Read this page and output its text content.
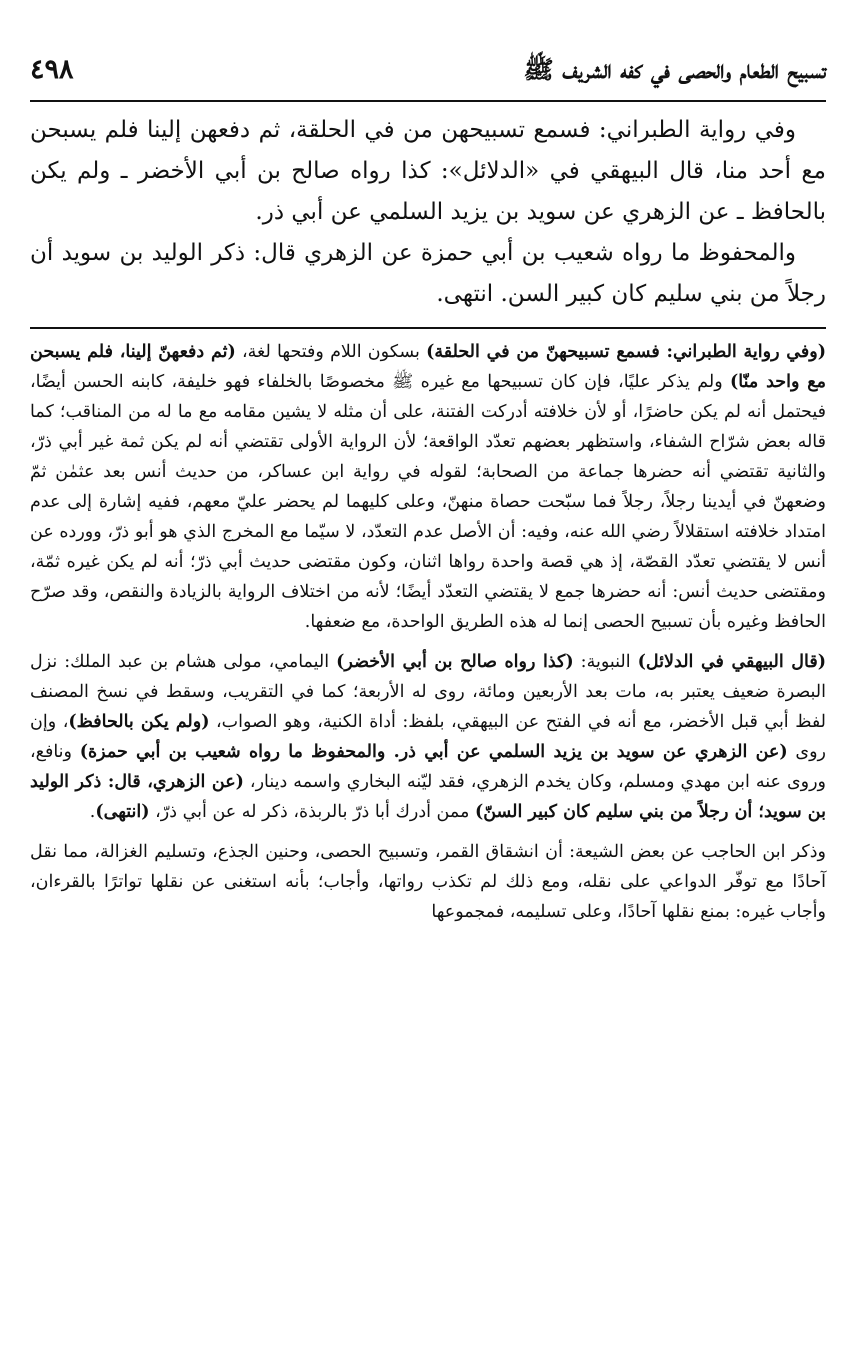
تسبيح الطعام والحصى في كفه الشريف ﷺ
٤٩٨

وفي رواية الطبراني: فسمع تسبيحهن من في الحلقة، ثم دفعهن إلينا فلم يسبحن مع أحد منا، قال البيهقي في «الدلائل»: كذا رواه صالح بن أبي الأخضر ـ ولم يكن بالحافظ ـ عن الزهري عن سويد بن يزيد السلمي عن أبي ذر.

والمحفوظ ما رواه شعيب بن أبي حمزة عن الزهري قال: ذكر الوليد بن سويد أن رجلاً من بني سليم كان كبير السن. انتهى.

(وفي رواية الطبراني: فسمع تسبيحهنّ من في الحلقة) بسكون اللام وفتحها لغة، (ثم دفعهنّ إلينا، فلم يسبحن مع واحد منّا) ولم يذكر عليًا، فإن كان تسبيحها مع غيره ﷺ مخصوصًا بالخلفاء فهو خليفة، كابنه الحسن أيضًا، فيحتمل أنه لم يكن حاضرًا، أو لأن خلافته أدركت الفتنة، على أن مثله لا يشين مقامه مع ما له من المناقب؛ كما قاله بعض شرّاح الشفاء، واستظهر بعضهم تعدّد الواقعة؛ لأن الرواية الأولى تقتضي أنه لم يكن ثمة غير أبي ذرّ، والثانية تقتضي أنه حضرها جماعة من الصحابة؛ لقوله في رواية ابن عساكر، من حديث أنس بعد عثمٰن ثمّ وضعهنّ في أيدينا رجلاً، رجلاً فما سبّحت حصاة منهنّ، وعلى كليهما لم يحضر عليّ معهم، ففيه إشارة إلى عدم امتداد خلافته استقلالاً رضي الله عنه، وفيه: أن الأصل عدم التعدّد، لا سيّما مع المخرج الذي هو أبو ذرّ، وورده عن أنس لا يقتضي تعدّد القصّة، إذ هي قصة واحدة رواها اثنان، وكون مقتضى حديث أبي ذرّ؛ أنه لم يكن غيره ثمّة، ومقتضى حديث أنس: أنه حضرها جمع لا يقتضي التعدّد أيضًا؛ لأنه من اختلاف الرواية بالزيادة والنقص، وقد صرّح الحافظ وغيره بأن تسبيح الحصى إنما له هذه الطريق الواحدة، مع ضعفها.

(قال البيهقي في الدلائل) النبوية: (كذا رواه صالح بن أبي الأخضر) اليمامي، مولى هشام بن عبد الملك: نزل البصرة ضعيف يعتبر به، مات بعد الأربعين ومائة، روى له الأربعة؛ كما في التقريب، وسقط في نسخ المصنف لفظ أبي قبل الأخضر، مع أنه في الفتح عن البيهقي، بلفظ: أداة الكنية، وهو الصواب، (ولم يكن بالحافظ)، وإن روى (عن الزهري عن سويد بن يزيد السلمي عن أبي ذر. والمحفوظ ما رواه شعيب بن أبي حمزة) ونافع، وروى عنه ابن مهدي ومسلم، وكان يخدم الزهري، فقد ليّنه البخاري واسمه دينار، (عن الزهري، قال: ذكر الوليد بن سويد؛ أن رجلاً من بني سليم كان كبير السنّ) ممن أدرك أبا ذرّ بالربذة، ذكر له عن أبي ذرّ، (انتهى).

وذكر ابن الحاجب عن بعض الشيعة: أن انشقاق القمر، وتسبيح الحصى، وحنين الجذع، وتسليم الغزالة، مما نقل آحادًا مع توفّر الدواعي على نقله، ومع ذلك لم تكذب رواتها، وأجاب؛ بأنه استغنى عن نقلها تواترًا بالقرءان، وأجاب غيره: بمنع نقلها آحادًا، وعلى تسليمه، فمجموعها
